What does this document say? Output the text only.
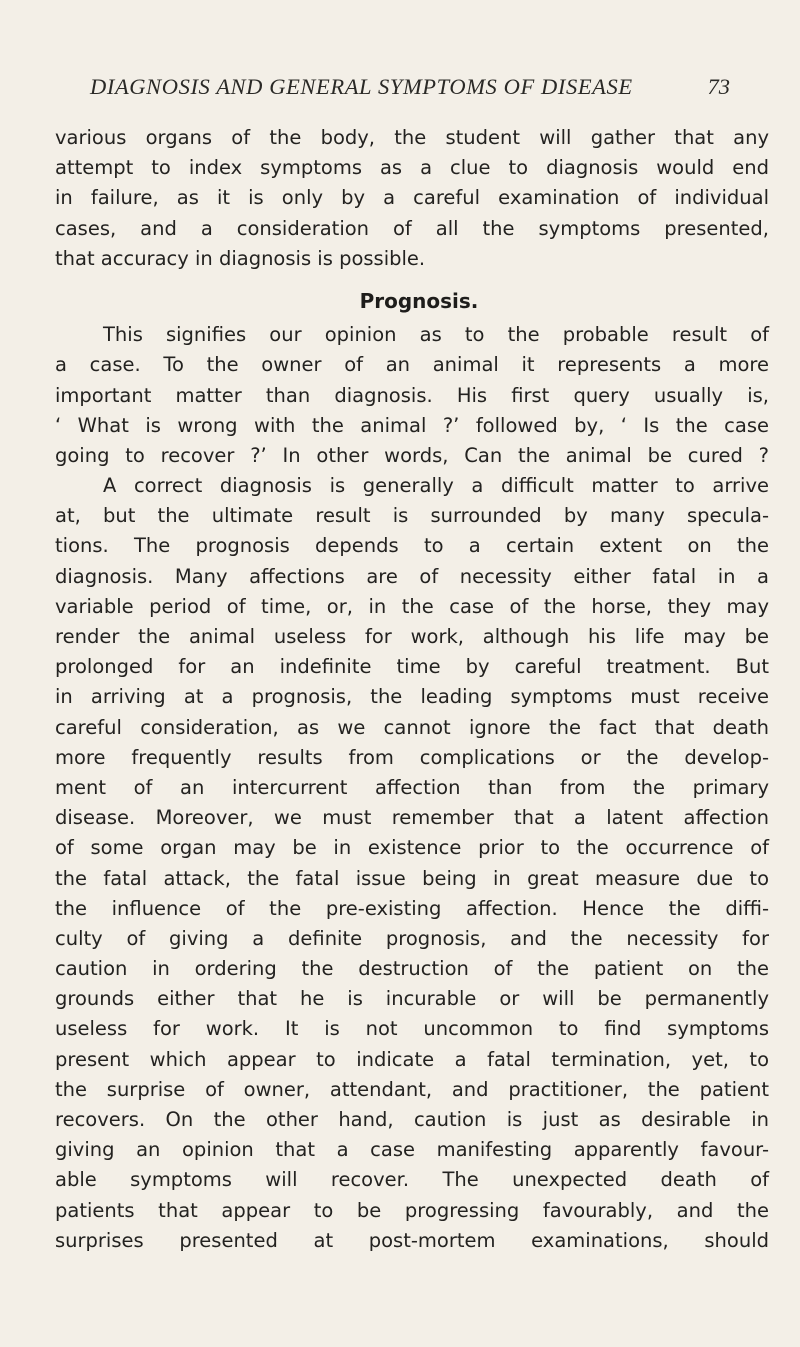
DIAGNOSIS AND GENERAL SYMPTOMS OF DISEASE	73
various organs of the body, the student will gather that any
attempt to index symptoms as a clue to diagnosis would end
in failure, as it is only by a careful examination of individual
cases, and a consideration of all the symptoms presented,
that accuracy in diagnosis is possible.
Prognosis.
This signifies our opinion as to the probable result of
a case. To the owner of an animal it represents a more
important matter than diagnosis. His first query usually is,
‘ What is wrong with the animal ?’ followed by, ‘ Is the case
going to recover ?’ In other words, Can the animal be cured ?
A correct diagnosis is generally a difficult matter to arrive
at, but the ultimate result is surrounded by many specula-
tions. The prognosis depends to a certain extent on the
diagnosis. Many affections are of necessity either fatal in a
variable period of time, or, in the case of the horse, they may
render the animal useless for work, although his life may be
prolonged for an indefinite time by careful treatment. But
in arriving at a prognosis, the leading symptoms must receive
careful consideration, as we cannot ignore the fact that death
more frequently results from complications or the develop-
ment of an intercurrent affection than from the primary
disease. Moreover, we must remember that a latent affection
of some organ may be in existence prior to the occurrence of
the fatal attack, the fatal issue being in great measure due to
the influence of the pre-existing affection. Hence the diffi-
culty of giving a definite prognosis, and the necessity for
caution in ordering the destruction of the patient on the
grounds either that he is incurable or will be permanently
useless for work. It is not uncommon to find symptoms
present which appear to indicate a fatal termination, yet, to
the surprise of owner, attendant, and practitioner, the patient
recovers. On the other hand, caution is just as desirable in
giving an opinion that a case manifesting apparently favour-
able symptoms will recover. The unexpected death of
patients that appear to be progressing favourably, and the
surprises presented at post-mortem examinations, should
